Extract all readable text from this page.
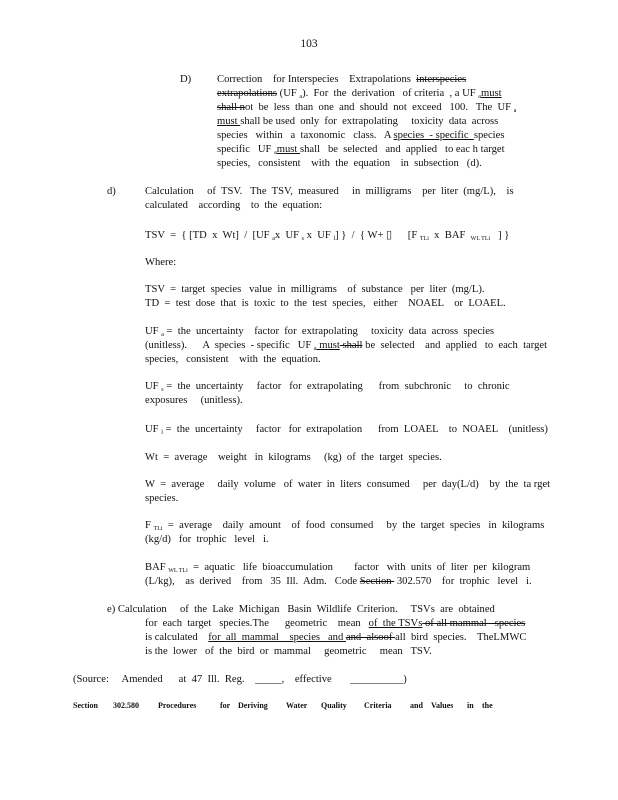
103
D) Correction    for Interspecies    Extrapolations  interspecies
extrapolations (UF $_a$).  For  the  derivation   of criteria  , a UF $_a$must
shall not  be  less  than  one  and  should  not  exceed   100.   The  UF $_a$
must shall be used  only  for  extrapolating     toxicity  data  across
species   within   a  taxonomic   class.   A species  - specific  species
specific   UF $_a$must shall   be  selected   and  applied   to eac h target
species,   consistent    with  the  equation    in  subsection   (d).
d)	Calculation     of  TSV.   The  TSV,  measured     in  milligrams    per  liter  (mg/L),    is
calculated    according    to  the  equation:
TSV  =  { [TD  x  Wt]  /  [UF $_a$x  UF $_s$ x  UF $_l$] }  /  { W+ ▯      [F $_{TLi}$  x  BAF  $_{WL TLi}$   ] }
Where:
TSV  =  target  species   value  in  milligrams    of  substance   per  liter  (mg/L).
TD  =  test  dose  that  is  toxic  to  the  test  species,   either    NOAEL    or  LOAEL.
UF $_a$ =  the  uncertainty    factor  for  extrapolating     toxicity  data  across  species
(unitless).      A  species  - specific   UF $_a$ must shall be  selected    and  applied   to  each  target
species,   consistent    with  the  equation.
UF $_s$ =  the  uncertainty     factor   for  extrapolating      from  subchronic     to  chronic
exposures     (unitless).
UF $_l$ =  the  uncertainty     factor   for  extrapolation      from  LOAEL    to  NOAEL    (unitless)
Wt  =  average    weight   in  kilograms     (kg)  of  the  target  species.
W  =  average     daily  volume   of  water  in  liters  consumed     per  day(L/d)    by  the  ta rget
species.
F $_{TLi}$  =  average    daily  amount    of  food  consumed     by  the  target  species   in  kilograms
(kg/d)   for  trophic   level   i.
BAF $_{WL TLi}$  =  aquatic   life  bioaccumulation        factor   with  units  of  liter  per  kilogram
(L/kg),    as  derived    from   35  Ill.  Adm.   Code Section  302.570    for  trophic   level   i.
e) Calculation     of  the  Lake  Michigan   Basin  Wildlife  Criterion.     TSVs  are  obtained
for  each  target   species.The      geometric    mean   of  the TSVs of all mammal   species
is calculated    for  all  mammal    species   and and  alsoof all  bird  species.    TheLMWC
is the  lower   of  the  bird  or  mammal     geometric     mean   TSV.
(Source:     Amended      at  47  Ill.  Reg.    _____,    effective       __________)
Section 302.580 Procedures	for Deriving Water Quality Criteria and Values in the
